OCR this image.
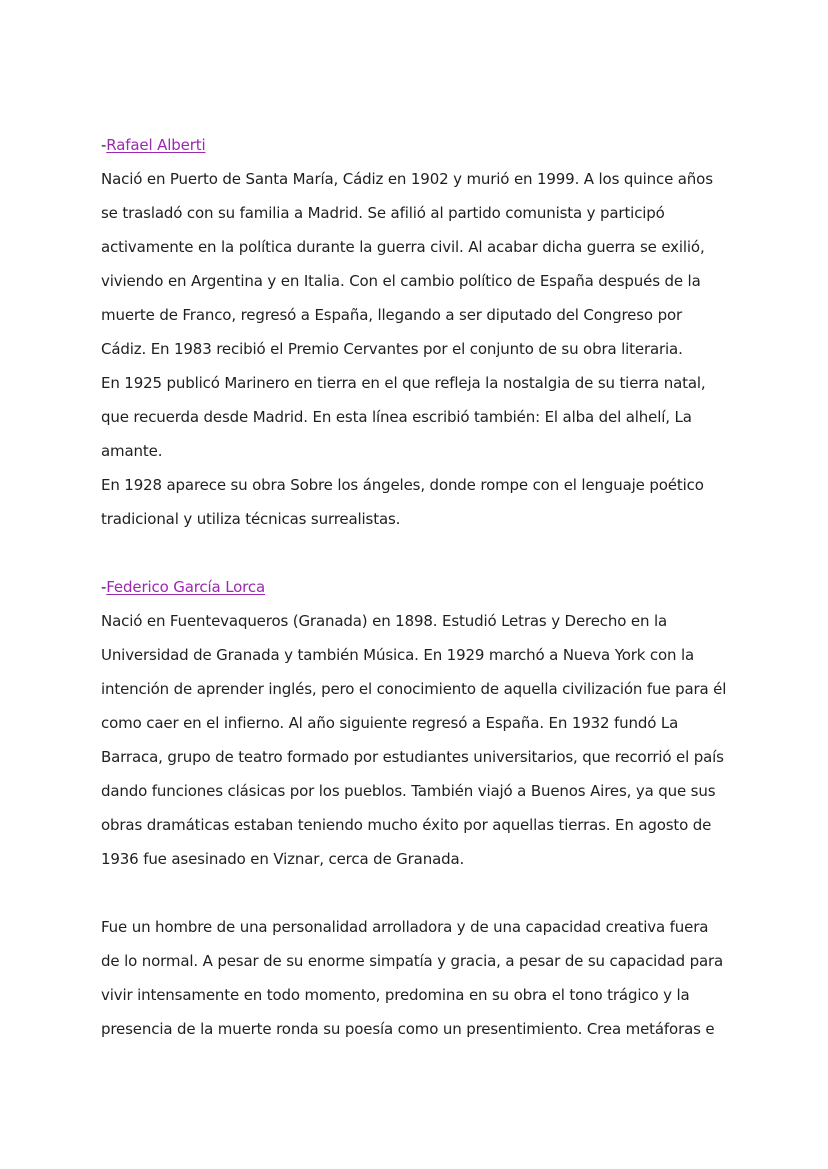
-Rafael Alberti
Nació en Puerto de Santa María, Cádiz en 1902 y murió en 1999. A los quince años
se trasladó con su familia a Madrid. Se afilió al partido comunista y participó
activamente en la política durante la guerra civil. Al acabar dicha guerra se exilió,
viviendo en Argentina y en Italia. Con el cambio político de España después de la
muerte de Franco, regresó a España, llegando a ser diputado del Congreso por
Cádiz. En 1983 recibió el Premio Cervantes por el conjunto de su obra literaria.
En 1925 publicó Marinero en tierra en el que refleja la nostalgia de su tierra natal,
que recuerda desde Madrid. En esta línea escribió también: El alba del alhelí, La
amante.
En 1928 aparece su obra Sobre los ángeles, donde rompe con el lenguaje poético
tradicional y utiliza técnicas surrealistas.
-Federico García Lorca
Nació en Fuentevaqueros (Granada) en 1898. Estudió Letras y Derecho en la
Universidad de Granada y también Música. En 1929 marchó a Nueva York con la
intención de aprender inglés, pero el conocimiento de aquella civilización fue para él
como caer en el infierno. Al año siguiente regresó a España. En 1932 fundó La
Barraca, grupo de teatro formado por estudiantes universitarios, que recorrió el país
dando funciones clásicas por los pueblos. También viajó a Buenos Aires, ya que sus
obras dramáticas estaban teniendo mucho éxito por aquellas tierras. En agosto de
1936 fue asesinado en Viznar, cerca de Granada.
Fue un hombre de una personalidad arrolladora y de una capacidad creativa fuera
de lo normal. A pesar de su enorme simpatía y gracia, a pesar de su capacidad para
vivir intensamente en todo momento, predomina en su obra el tono trágico y la
presencia de la muerte ronda su poesía como un presentimiento. Crea metáforas e
